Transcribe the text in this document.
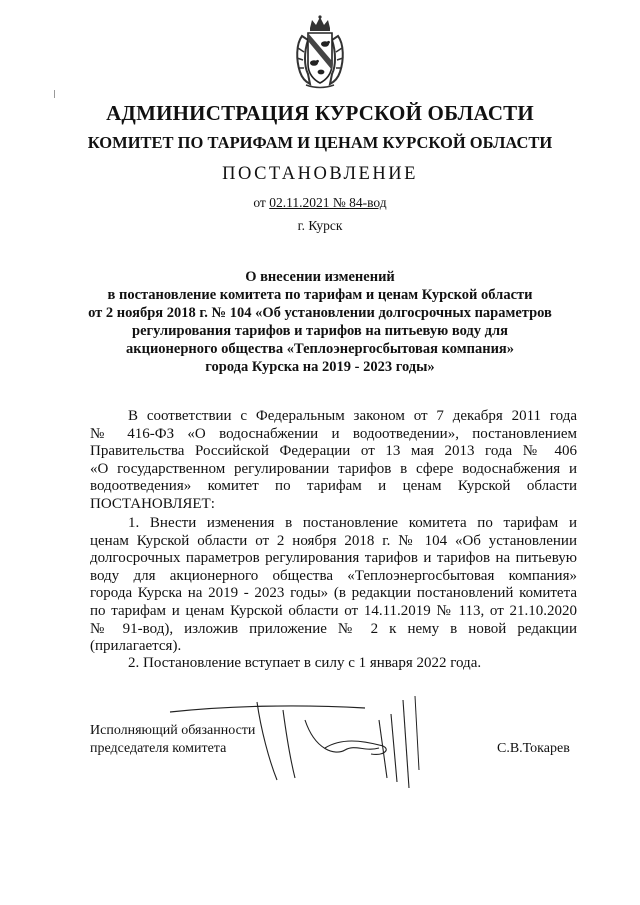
АДМИНИСТРАЦИЯ КУРСКОЙ ОБЛАСТИ
КОМИТЕТ ПО ТАРИФАМ И ЦЕНАМ КУРСКОЙ ОБЛАСТИ
ПОСТАНОВЛЕНИЕ
от 02.11.2021 № 84-вод
г. Курск
О внесении изменений
в постановление комитета по тарифам и ценам Курской области
от 2 ноября 2018 г. № 104 «Об установлении долгосрочных параметров
регулирования тарифов и тарифов на питьевую воду для
акционерного общества «Теплоэнергосбытовая компания»
города Курска на 2019 - 2023 годы»
В соответствии с Федеральным законом от 7 декабря 2011 года
№ 416-ФЗ «О водоснабжении и водоотведении», постановлением
Правительства Российской Федерации от 13 мая 2013 года № 406
«О государственном регулировании тарифов в сфере водоснабжения и
водоотведения» комитет по тарифам и ценам Курской области
ПОСТАНОВЛЯЕТ:
1. Внести изменения в постановление комитета по тарифам и
ценам Курской области от 2 ноября 2018 г. № 104 «Об установлении
долгосрочных параметров регулирования тарифов и тарифов на питьевую
воду для акционерного общества «Теплоэнергосбытовая компания»
города Курска на 2019 - 2023 годы» (в редакции постановлений комитета
по тарифам и ценам Курской области от 14.11.2019 № 113, от 21.10.2020
№ 91-вод), изложив приложение № 2 к нему в новой редакции
(прилагается).
2. Постановление вступает в силу с 1 января 2022 года.
Исполняющий обязанности
председателя комитета	С.В.Токарев
